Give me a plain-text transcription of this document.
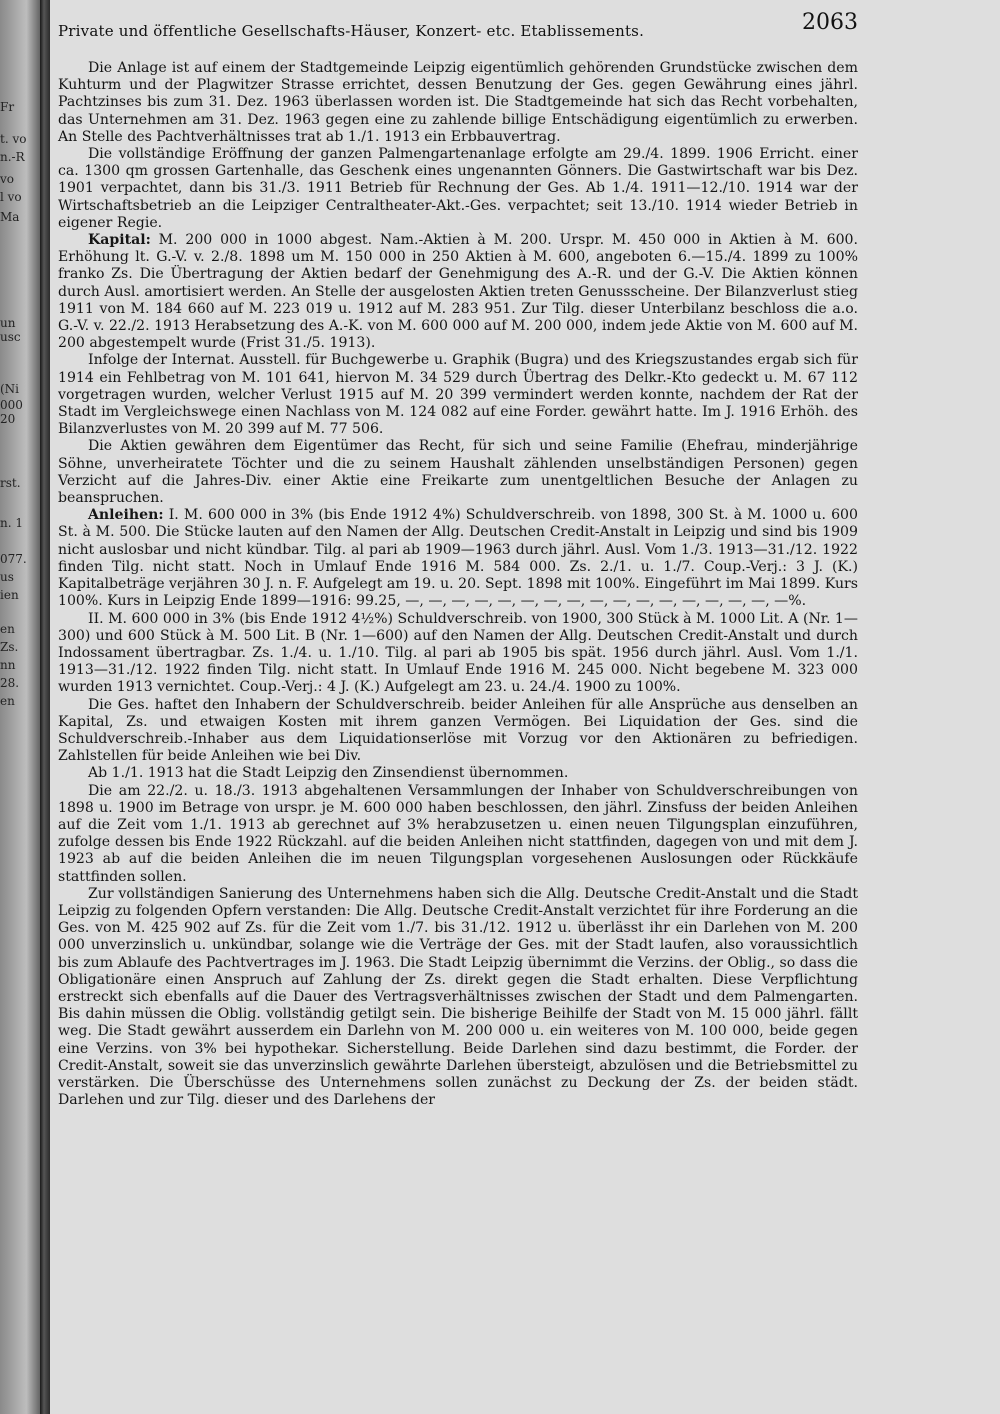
Fr
t. vo
n.-R
vo
l vo
Ma
un
usc
(Ni
000
20
rst.
n. 1
077.
us
ien
en
Zs.
nn
28.
en
Private und öffentliche Gesellschafts-Häuser, Konzert- etc. Etablissements.	2063

Die Anlage ist auf einem der Stadtgemeinde Leipzig eigentümlich gehörenden Grundstücke zwischen dem Kuhturm und der Plagwitzer Strasse errichtet, dessen Benutzung der Ges. gegen Gewährung eines jährl. Pachtzinses bis zum 31. Dez. 1963 überlassen worden ist. Die Stadtgemeinde hat sich das Recht vorbehalten, das Unternehmen am 31. Dez. 1963 gegen eine zu zahlende billige Entschädigung eigentümlich zu erwerben. An Stelle des Pachtverhältnisses trat ab 1./1. 1913 ein Erbbauvertrag.

Die vollständige Eröffnung der ganzen Palmengartenanlage erfolgte am 29./4. 1899. 1906 Erricht. einer ca. 1300 qm grossen Gartenhalle, das Geschenk eines ungenannten Gönners. Die Gastwirtschaft war bis Dez. 1901 verpachtet, dann bis 31./3. 1911 Betrieb für Rechnung der Ges. Ab 1./4. 1911—12./10. 1914 war der Wirtschaftsbetrieb an die Leipziger Centraltheater-Akt.-Ges. verpachtet; seit 13./10. 1914 wieder Betrieb in eigener Regie.

Kapital: M. 200 000 in 1000 abgest. Nam.-Aktien à M. 200. Urspr. M. 450 000 in Aktien à M. 600. Erhöhung lt. G.-V. v. 2./8. 1898 um M. 150 000 in 250 Aktien à M. 600, angeboten 6.—15./4. 1899 zu 100% franko Zs. Die Übertragung der Aktien bedarf der Genehmigung des A.-R. und der G.-V. Die Aktien können durch Ausl. amortisiert werden. An Stelle der ausgelosten Aktien treten Genussscheine. Der Bilanzverlust stieg 1911 von M. 184 660 auf M. 223 019 u. 1912 auf M. 283 951. Zur Tilg. dieser Unterbilanz beschloss die a.o. G.-V. v. 22./2. 1913 Herabsetzung des A.-K. von M. 600 000 auf M. 200 000, indem jede Aktie von M. 600 auf M. 200 abgestempelt wurde (Frist 31./5. 1913).

Infolge der Internat. Ausstell. für Buchgewerbe u. Graphik (Bugra) und des Kriegszustandes ergab sich für 1914 ein Fehlbetrag von M. 101 641, hiervon M. 34 529 durch Übertrag des Delkr.-Kto gedeckt u. M. 67 112 vorgetragen wurden, welcher Verlust 1915 auf M. 20 399 vermindert werden konnte, nachdem der Rat der Stadt im Vergleichswege einen Nachlass von M. 124 082 auf eine Forder. gewährt hatte. Im J. 1916 Erhöh. des Bilanzverlustes von M. 20 399 auf M. 77 506.

Die Aktien gewähren dem Eigentümer das Recht, für sich und seine Familie (Ehefrau, minderjährige Söhne, unverheiratete Töchter und die zu seinem Haushalt zählenden unselbständigen Personen) gegen Verzicht auf die Jahres-Div. einer Aktie eine Freikarte zum unentgeltlichen Besuche der Anlagen zu beanspruchen.

Anleihen: I. M. 600 000 in 3% (bis Ende 1912 4%) Schuldverschreib. von 1898, 300 St. à M. 1000 u. 600 St. à M. 500. Die Stücke lauten auf den Namen der Allg. Deutschen Credit-Anstalt in Leipzig und sind bis 1909 nicht auslosbar und nicht kündbar. Tilg. al pari ab 1909—1963 durch jährl. Ausl. Vom 1./3. 1913—31./12. 1922 finden Tilg. nicht statt. Noch in Umlauf Ende 1916 M. 584 000. Zs. 2./1. u. 1./7. Coup.-Verj.: 3 J. (K.) Kapitalbeträge verjähren 30 J. n. F. Aufgelegt am 19. u. 20. Sept. 1898 mit 100%. Eingeführt im Mai 1899. Kurs 100%. Kurs in Leipzig Ende 1899—1916: 99.25, —, —, —, —, —, —, —, —, —, —, —, —, —, —, —, —, —%.

II. M. 600 000 in 3% (bis Ende 1912 4½%) Schuldverschreib. von 1900, 300 Stück à M. 1000 Lit. A (Nr. 1—300) und 600 Stück à M. 500 Lit. B (Nr. 1—600) auf den Namen der Allg. Deutschen Credit-Anstalt und durch Indossament übertragbar. Zs. 1./4. u. 1./10. Tilg. al pari ab 1905 bis spät. 1956 durch jährl. Ausl. Vom 1./1. 1913—31./12. 1922 finden Tilg. nicht statt. In Umlauf Ende 1916 M. 245 000. Nicht begebene M. 323 000 wurden 1913 vernichtet. Coup.-Verj.: 4 J. (K.) Aufgelegt am 23. u. 24./4. 1900 zu 100%.

Die Ges. haftet den Inhabern der Schuldverschreib. beider Anleihen für alle Ansprüche aus denselben an Kapital, Zs. und etwaigen Kosten mit ihrem ganzen Vermögen. Bei Liquidation der Ges. sind die Schuldverschreib.-Inhaber aus dem Liquidationserlöse mit Vorzug vor den Aktionären zu befriedigen. Zahlstellen für beide Anleihen wie bei Div.

Ab 1./1. 1913 hat die Stadt Leipzig den Zinsendienst übernommen.

Die am 22./2. u. 18./3. 1913 abgehaltenen Versammlungen der Inhaber von Schuldverschreibungen von 1898 u. 1900 im Betrage von urspr. je M. 600 000 haben beschlossen, den jährl. Zinsfuss der beiden Anleihen auf die Zeit vom 1./1. 1913 ab gerechnet auf 3% herabzusetzen u. einen neuen Tilgungsplan einzuführen, zufolge dessen bis Ende 1922 Rückzahl. auf die beiden Anleihen nicht stattfinden, dagegen von und mit dem J. 1923 ab auf die beiden Anleihen die im neuen Tilgungsplan vorgesehenen Auslosungen oder Rückkäufe stattfinden sollen.

Zur vollständigen Sanierung des Unternehmens haben sich die Allg. Deutsche Credit-Anstalt und die Stadt Leipzig zu folgenden Opfern verstanden: Die Allg. Deutsche Credit-Anstalt verzichtet für ihre Forderung an die Ges. von M. 425 902 auf Zs. für die Zeit vom 1./7. bis 31./12. 1912 u. überlässt ihr ein Darlehen von M. 200 000 unverzinslich u. unkündbar, solange wie die Verträge der Ges. mit der Stadt laufen, also voraussichtlich bis zum Ablaufe des Pachtvertrages im J. 1963. Die Stadt Leipzig übernimmt die Verzins. der Oblig., so dass die Obligationäre einen Anspruch auf Zahlung der Zs. direkt gegen die Stadt erhalten. Diese Verpflichtung erstreckt sich ebenfalls auf die Dauer des Vertragsverhältnisses zwischen der Stadt und dem Palmengarten. Bis dahin müssen die Oblig. vollständig getilgt sein. Die bisherige Beihilfe der Stadt von M. 15 000 jährl. fällt weg. Die Stadt gewährt ausserdem ein Darlehn von M. 200 000 u. ein weiteres von M. 100 000, beide gegen eine Verzins. von 3% bei hypothekar. Sicherstellung. Beide Darlehen sind dazu bestimmt, die Forder. der Credit-Anstalt, soweit sie das unverzinslich gewährte Darlehen übersteigt, abzulösen und die Betriebsmittel zu verstärken. Die Überschüsse des Unternehmens sollen zunächst zu Deckung der Zs. der beiden städt. Darlehen und zur Tilg. dieser und des Darlehens der
